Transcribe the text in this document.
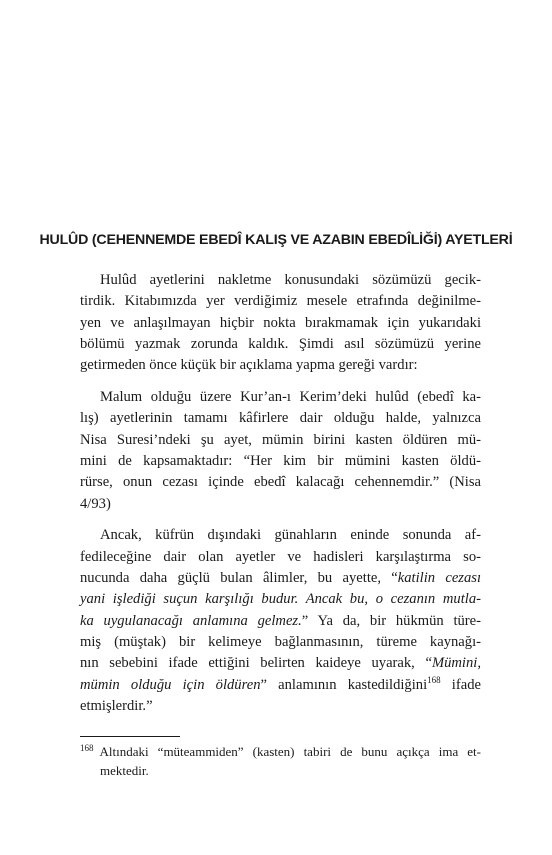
HULÛD (CEHENNEMDE EBEDÎ KALIŞ VE AZABIN EBEDÎLİĞİ) AYETLERİ

Hulûd ayetlerini nakletme konusundaki sözümüzü gecik-
tirdik. Kitabımızda yer verdiğimiz mesele etrafında değinilme-
yen ve anlaşılmayan hiçbir nokta bırakmamak için yukarıdaki
bölümü yazmak zorunda kaldık. Şimdi asıl sözümüzü yerine
getirmeden önce küçük bir açıklama yapma gereği vardır:

Malum olduğu üzere Kur’an-ı Kerim’deki hulûd (ebedî ka-
lış) ayetlerinin tamamı kâfirlere dair olduğu halde, yalnızca
Nisa Suresi’ndeki şu ayet, mümin birini kasten öldüren mü-
mini de kapsamaktadır: “Her kim bir mümini kasten öldü-
rürse, onun cezası içinde ebedî kalacağı cehennemdir.” (Nisa
4/93)

Ancak, küfrün dışındaki günahların eninde sonunda af-
fedileceğine dair olan ayetler ve hadisleri karşılaştırma so-
nucunda daha güçlü bulan âlimler, bu ayette, “katilin cezası
yani işlediği suçun karşılığı budur. Ancak bu, o cezanın mutla-
ka uygulanacağı anlamına gelmez.” Ya da, bir hükmün türe-
miş (müştak) bir kelimeye bağlanmasının, türeme kaynağı-
nın sebebini ifade ettiğini belirten kaideye uyarak, “Mümini,
mümin olduğu için öldüren” anlamının kastedildiğini$^{168}$ ifade
etmişlerdir.”

$^{168}$ Altındaki “müteammiden” (kasten) tabiri de bunu açıkça ima et-
mektedir.
